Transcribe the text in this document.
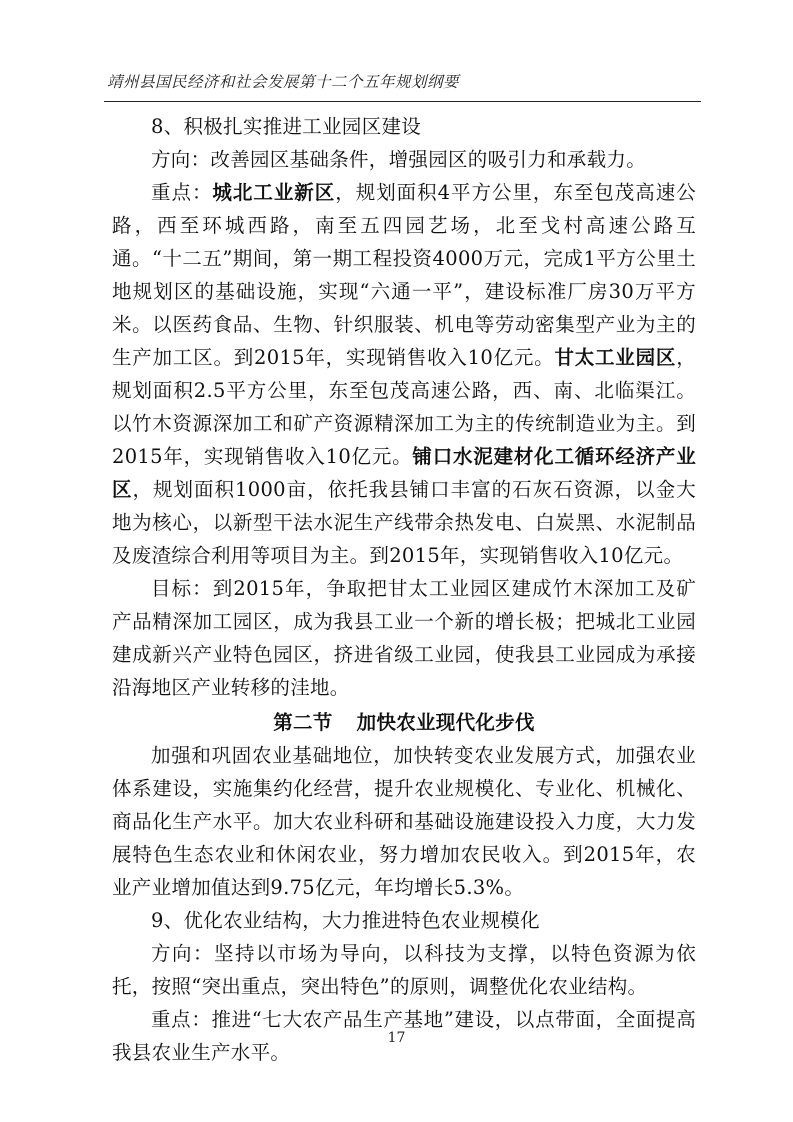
靖州县国民经济和社会发展第十二个五年规划纲要

8、积极扎实推进工业园区建设

方向：改善园区基础条件，增强园区的吸引力和承载力。

重点：城北工业新区，规划面积4平方公里，东至包茂高速公路，西至环城西路，南至五四园艺场，北至戈村高速公路互通。“十二五”期间，第一期工程投资4000万元，完成1平方公里土地规划区的基础设施，实现“六通一平”，建设标准厂房30万平方米。以医药食品、生物、针织服装、机电等劳动密集型产业为主的生产加工区。到2015年，实现销售收入10亿元。甘太工业园区，规划面积2.5平方公里，东至包茂高速公路，西、南、北临渠江。以竹木资源深加工和矿产资源精深加工为主的传统制造业为主。到2015年，实现销售收入10亿元。铺口水泥建材化工循环经济产业区，规划面积1000亩，依托我县铺口丰富的石灰石资源，以金大地为核心，以新型干法水泥生产线带余热发电、白炭黑、水泥制品及废渣综合利用等项目为主。到2015年，实现销售收入10亿元。

目标：到2015年，争取把甘太工业园区建成竹木深加工及矿产品精深加工园区，成为我县工业一个新的增长极；把城北工业园建成新兴产业特色园区，挤进省级工业园，使我县工业园成为承接沿海地区产业转移的洼地。

第二节 加快农业现代化步伐

加强和巩固农业基础地位，加快转变农业发展方式，加强农业体系建设，实施集约化经营，提升农业规模化、专业化、机械化、商品化生产水平。加大农业科研和基础设施建设投入力度，大力发展特色生态农业和休闲农业，努力增加农民收入。到2015年，农业产业增加值达到9.75亿元，年均增长5.3%。

9、优化农业结构，大力推进特色农业规模化

方向：坚持以市场为导向，以科技为支撑，以特色资源为依托，按照“突出重点，突出特色”的原则，调整优化农业结构。

重点：推进“七大农产品生产基地”建设，以点带面，全面提高我县农业生产水平。

17
